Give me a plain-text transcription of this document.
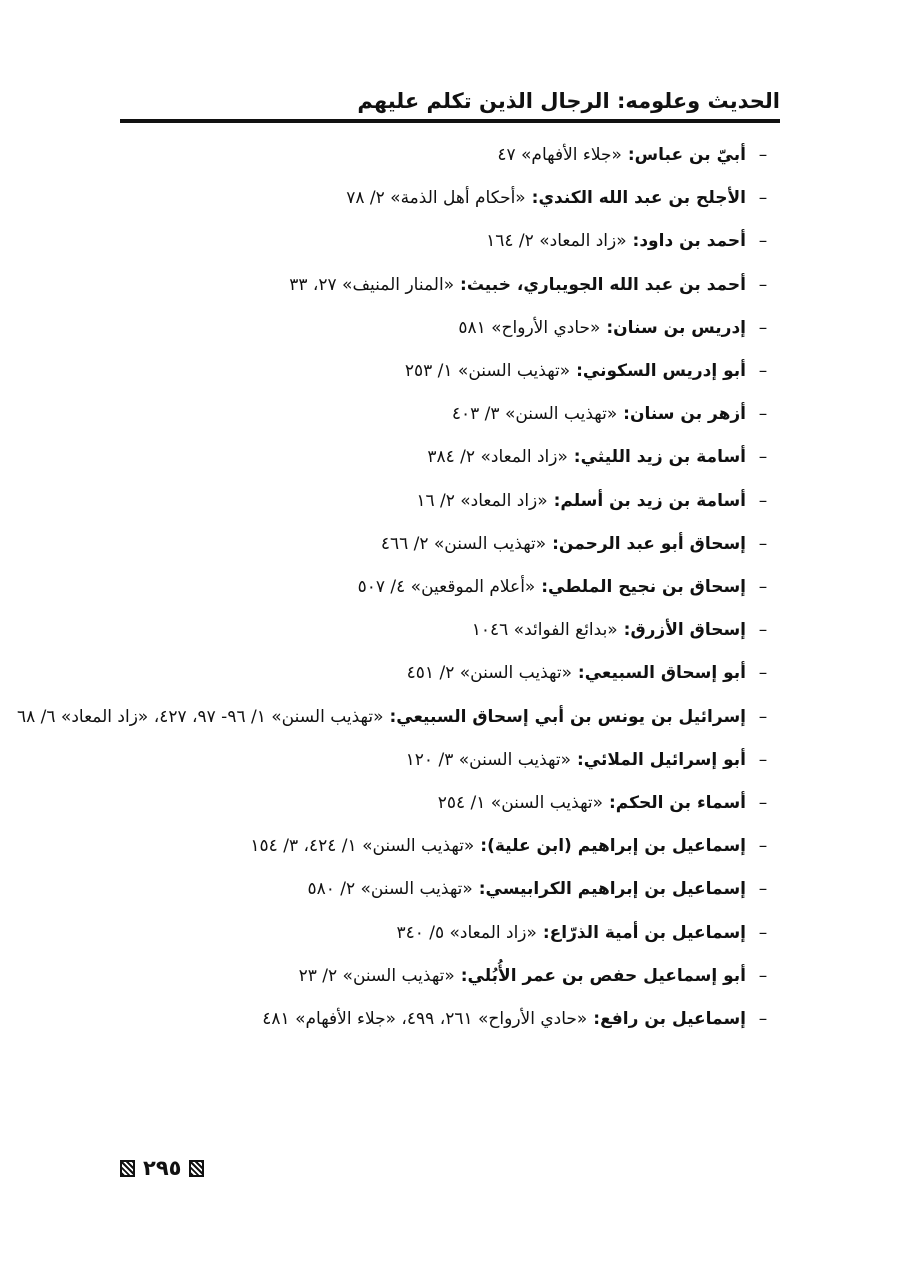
الحديث وعلومه: الرجال الذين تكلم عليهم
–
أبيّ بن عباس: «جلاء الأفهام» ٤٧
–
الأجلح بن عبد الله الكندي: «أحكام أهل الذمة» ٢/ ٧٨
–
أحمد بن داود: «زاد المعاد» ٢/ ١٦٤
–
أحمد بن عبد الله الجويباري، خبيث: «المنار المنيف» ٢٧، ٣٣
–
إدريس بن سنان: «حادي الأرواح» ٥٨١
–
أبو إدريس السكوني: «تهذيب السنن» ١/ ٢٥٣
–
أزهر بن سنان: «تهذيب السنن» ٣/ ٤٠٣
–
أسامة بن زيد الليثي: «زاد المعاد» ٢/ ٣٨٤
–
أسامة بن زيد بن أسلم: «زاد المعاد» ٢/ ١٦
–
إسحاق أبو عبد الرحمن: «تهذيب السنن» ٢/ ٤٦٦
–
إسحاق بن نجيح الملطي: «أعلام الموقعين» ٤/ ٥٠٧
–
إسحاق الأزرق: «بدائع الفوائد» ١٠٤٦
–
أبو إسحاق السبيعي: «تهذيب السنن» ٢/ ٤٥١
–
إسرائيل بن يونس بن أبي إسحاق السبيعي: «تهذيب السنن» ١/ ٩٦- ٩٧، ٤٢٧، «زاد المعاد» ٦/ ٦٨
–
أبو إسرائيل الملائي: «تهذيب السنن» ٣/ ١٢٠
–
أسماء بن الحكم: «تهذيب السنن» ١/ ٢٥٤
–
إسماعيل بن إبراهيم (ابن علية): «تهذيب السنن» ١/ ٤٢٤، ٣/ ١٥٤
–
إسماعيل بن إبراهيم الكرابيسي: «تهذيب السنن» ٢/ ٥٨٠
–
إسماعيل بن أمية الذرّاع: «زاد المعاد» ٥/ ٣٤٠
–
أبو إسماعيل حفص بن عمر الأُبُلي: «تهذيب السنن» ٢/ ٢٣
–
إسماعيل بن رافع: «حادي الأرواح» ٢٦١، ٤٩٩، «جلاء الأفهام» ٤٨١
٢٩٥
